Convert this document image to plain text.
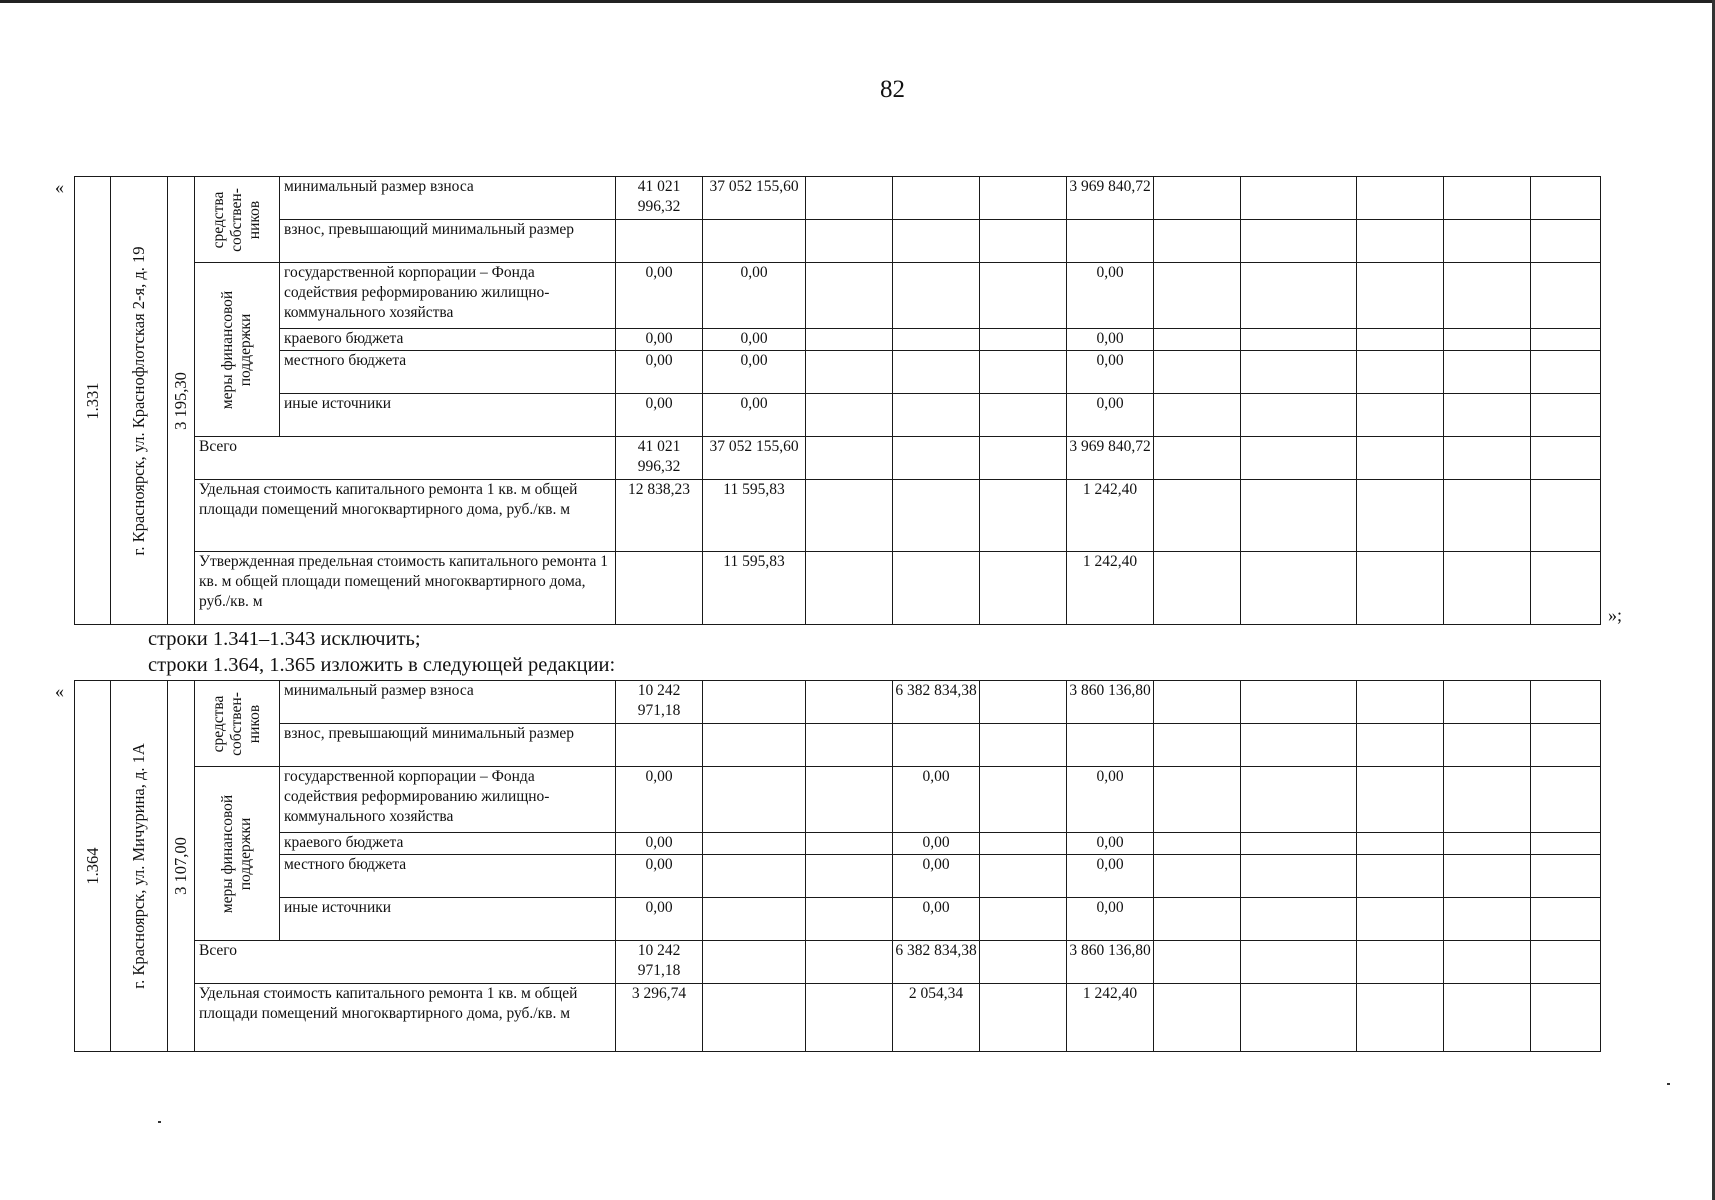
82
«
»;
«
1.331	г. Красноярск, ул. Краснофлотская 2-я, д. 19	3 195,30	средства собствен-ников	минимальный размер взноса	41 021 996,32	37 052 155,60				3 969 840,72					
				взнос, превышающий минимальный размер											

			меры финансовой поддержки	государственной корпорации – Фонда содействия реформированию жилищно-коммунального хозяйства	0,00	0,00				0,00					
				краевого бюджета	0,00	0,00				0,00					
				местного бюджета	0,00	0,00				0,00					
				иные источники	0,00	0,00				0,00					
			Всего		41 021 996,32	37 052 155,60				3 969 840,72					
			Удельная стоимость капитального ремонта 1 кв. м общей площади помещений многоквартирного дома, руб./кв. м		12 838,23	11 595,83				1 242,40					
			Утвержденная предельная стоимость капитального ремонта 1 кв. м общей площади помещений многоквартирного дома, руб./кв. м			11 595,83				1 242,40					
строки 1.341–1.343 исключить;
строки 1.364, 1.365 изложить в следующей редакции:
1.364	г. Красноярск, ул. Мичурина, д. 1А	3 107,00	средства собствен-ников	минимальный размер взноса	10 242 971,18			6 382 834,38		3 860 136,80					
				взнос, превышающий минимальный размер											

			меры финансовой поддержки	государственной корпорации – Фонда содействия реформированию жилищно-коммунального хозяйства	0,00			0,00		0,00					
				краевого бюджета	0,00			0,00		0,00					
				местного бюджета	0,00			0,00		0,00					
				иные источники	0,00			0,00		0,00					
			Всего		10 242 971,18			6 382 834,38		3 860 136,80					
			Удельная стоимость капитального ремонта 1 кв. м общей площади помещений многоквартирного дома, руб./кв. м		3 296,74			2 054,34		1 242,40					
